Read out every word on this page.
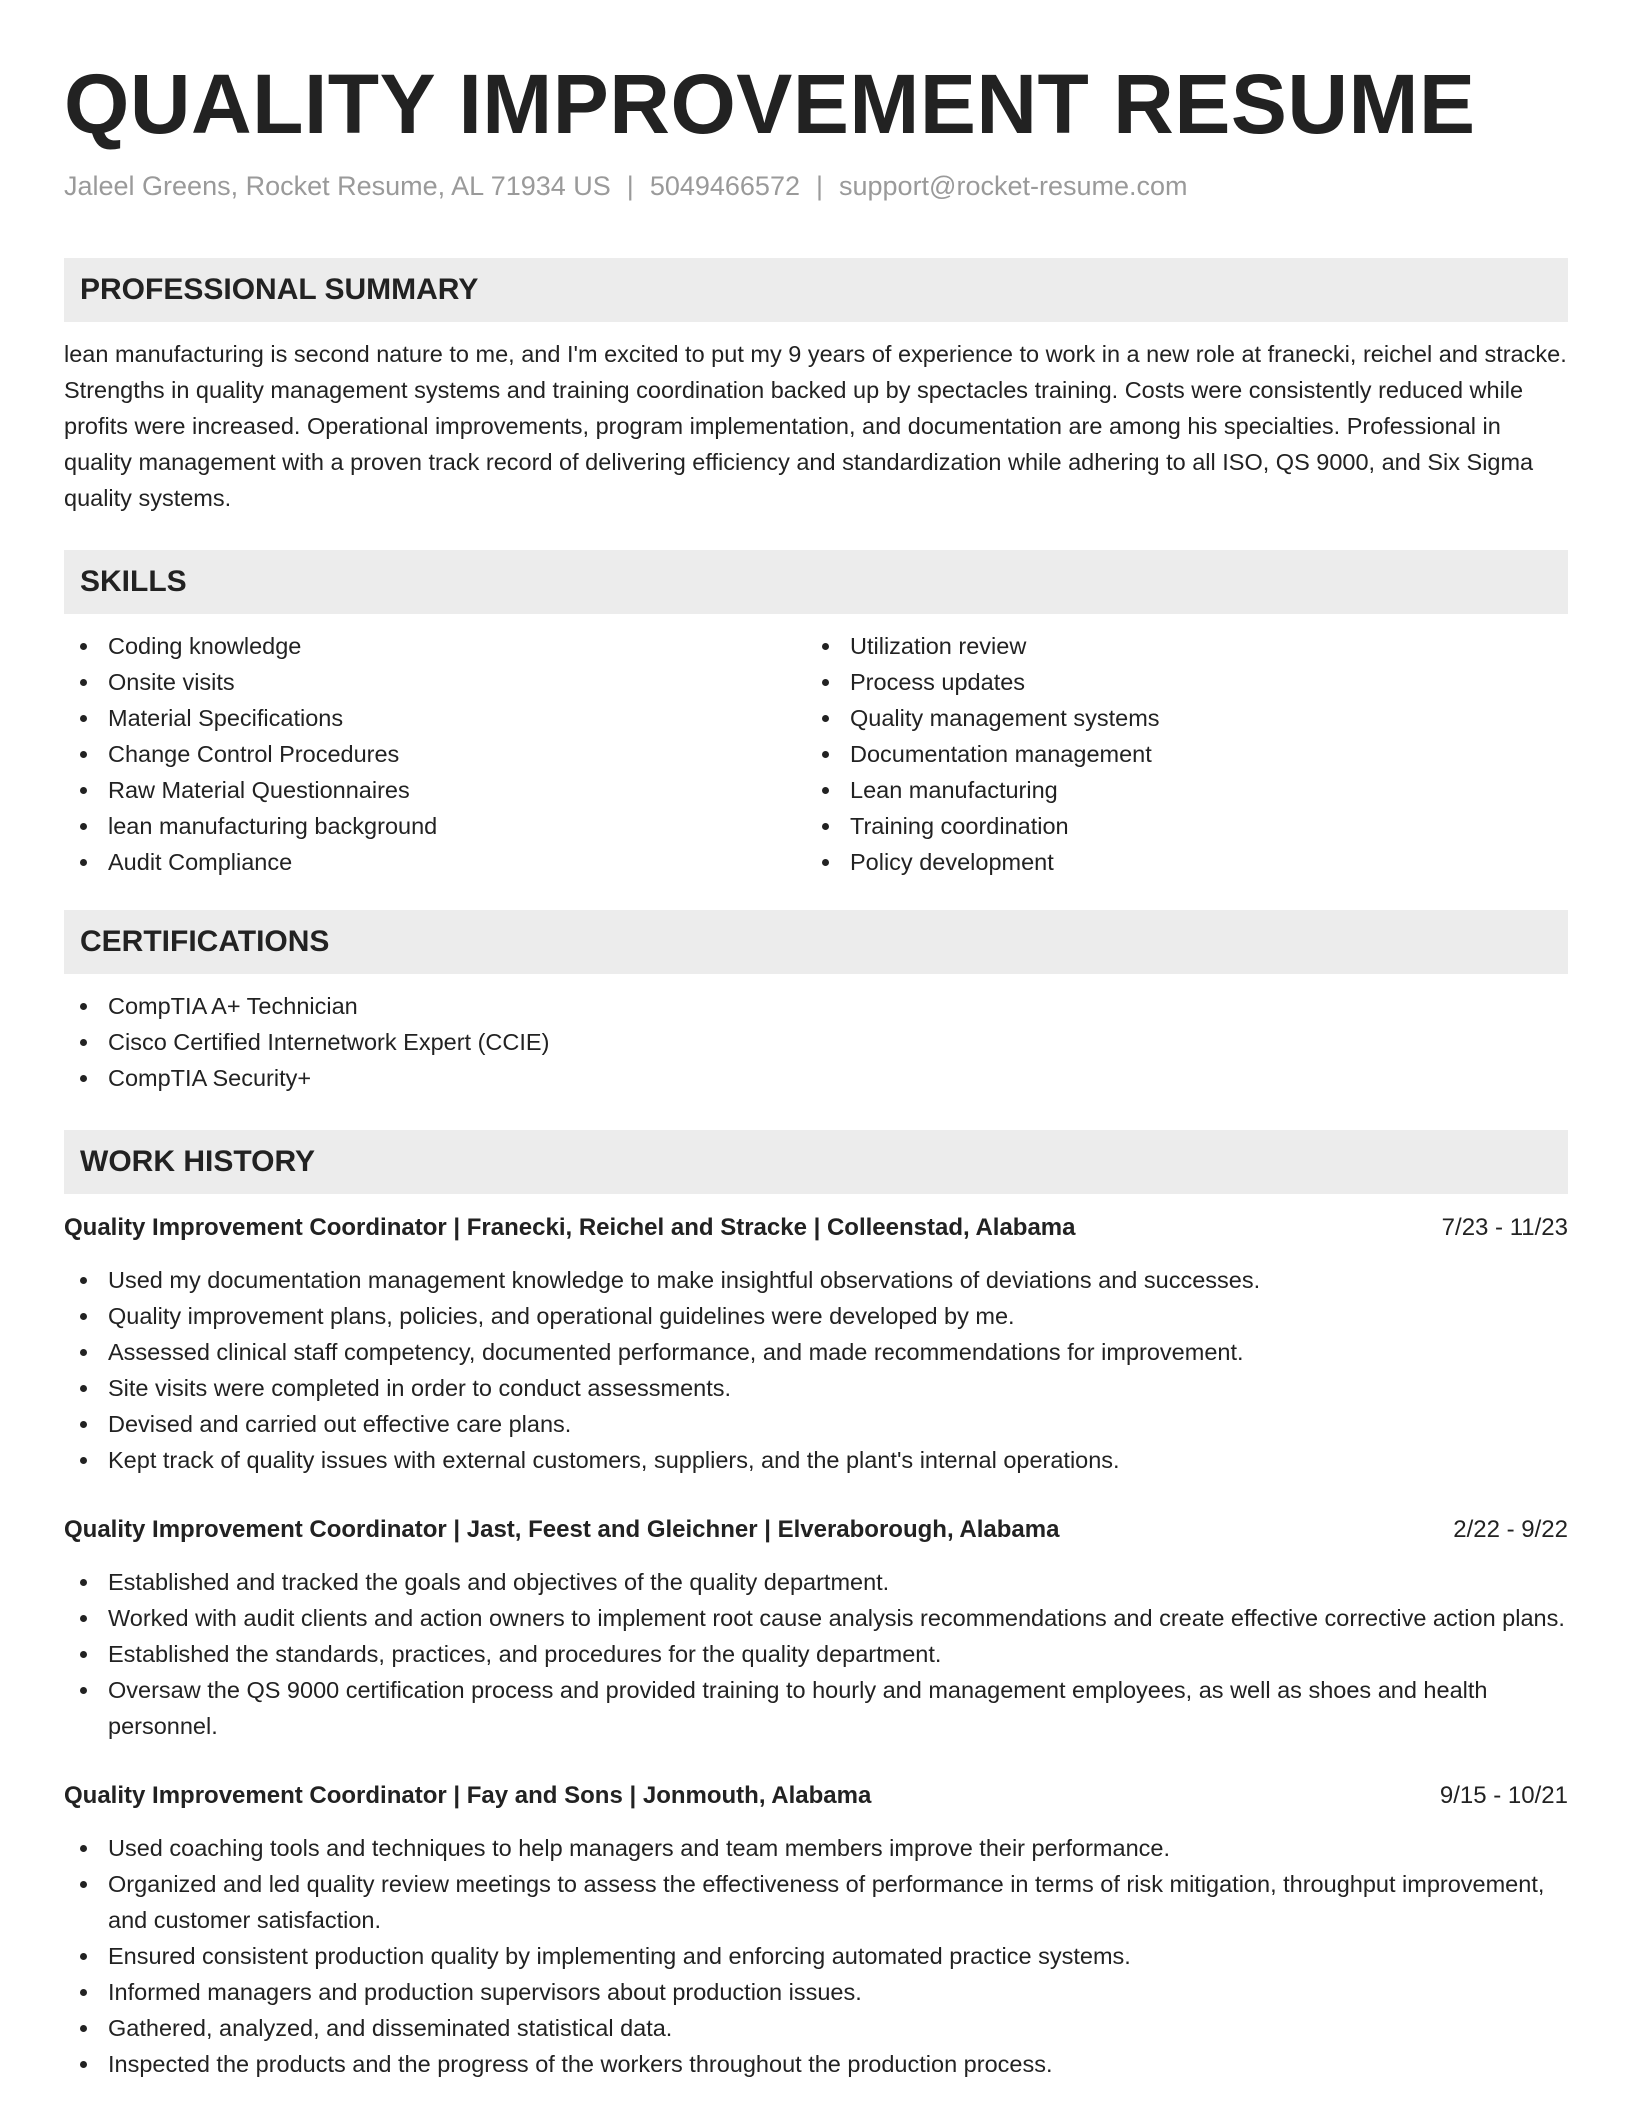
QUALITY IMPROVEMENT RESUME
Jaleel Greens, Rocket Resume, AL 71934 US | 5049466572 | support@rocket-resume.com
PROFESSIONAL SUMMARY

lean manufacturing is second nature to me, and I'm excited to put my 9 years of experience to work in a new role at franecki, reichel and stracke. Strengths in quality management systems and training coordination backed up by spectacles training. Costs were consistently reduced while profits were increased. Operational improvements, program implementation, and documentation are among his specialties. Professional in quality management with a proven track record of delivering efficiency and standardization while adhering to all ISO, QS 9000, and Six Sigma quality systems.

SKILLS
Coding knowledge
Onsite visits
Material Specifications
Change Control Procedures
Raw Material Questionnaires
lean manufacturing background
Audit Compliance
Utilization review
Process updates
Quality management systems
Documentation management
Lean manufacturing
Training coordination
Policy development
CERTIFICATIONS
CompTIA A+ Technician
Cisco Certified Internetwork Expert (CCIE)
CompTIA Security+
WORK HISTORY
Quality Improvement Coordinator | Franecki, Reichel and Stracke | Colleenstad, Alabama	7/23 - 11/23
Used my documentation management knowledge to make insightful observations of deviations and successes.
Quality improvement plans, policies, and operational guidelines were developed by me.
Assessed clinical staff competency, documented performance, and made recommendations for improvement.
Site visits were completed in order to conduct assessments.
Devised and carried out effective care plans.
Kept track of quality issues with external customers, suppliers, and the plant's internal operations.
Quality Improvement Coordinator | Jast, Feest and Gleichner | Elveraborough, Alabama	2/22 - 9/22
Established and tracked the goals and objectives of the quality department.
Worked with audit clients and action owners to implement root cause analysis recommendations and create effective corrective action plans.
Established the standards, practices, and procedures for the quality department.
Oversaw the QS 9000 certification process and provided training to hourly and management employees, as well as shoes and health personnel.
Quality Improvement Coordinator | Fay and Sons | Jonmouth, Alabama	9/15 - 10/21
Used coaching tools and techniques to help managers and team members improve their performance.
Organized and led quality review meetings to assess the effectiveness of performance in terms of risk mitigation, throughput improvement, and customer satisfaction.
Ensured consistent production quality by implementing and enforcing automated practice systems.
Informed managers and production supervisors about production issues.
Gathered, analyzed, and disseminated statistical data.
Inspected the products and the progress of the workers throughout the production process.
